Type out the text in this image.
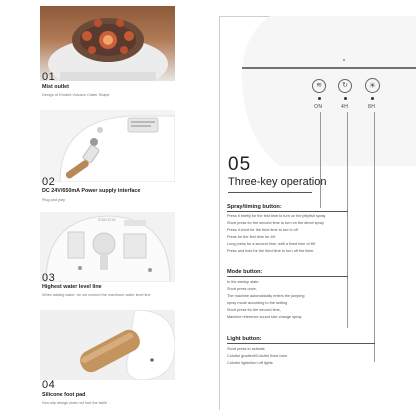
01
Mist outlet
Design of Eroded Volcano Crater Shape
02
DC 24V/650mA Power supply interface
Plug and play
STAR-5705
03
Highest water level line
When adding water, do not exceed the maximum water level line
04
Silicone foot pad
Non-slip design does not hurt the table
≋	↻	☀
ON	4H	8H
05
Three-key operation
Spray/timing button:
Press it briefly for the first time to turn on the jellyfish spray
Short press for the second time to turn on the direct spray
Press it short for the third time to turn it off
Press for the first time for 4H
Long press for a second time, with a fixed time of 8H
Press and hold for the third time to turn off the timer
Mode button:
In the startup state
Short press once,
The machine automatically enters the jumping
spray mode according to the setting
Short press for the second time,
Machine reference sound size change spray
Light button:
Short press to activate
Colorful gradient/Colorful fixed color
Colorful lights/turn off lights
